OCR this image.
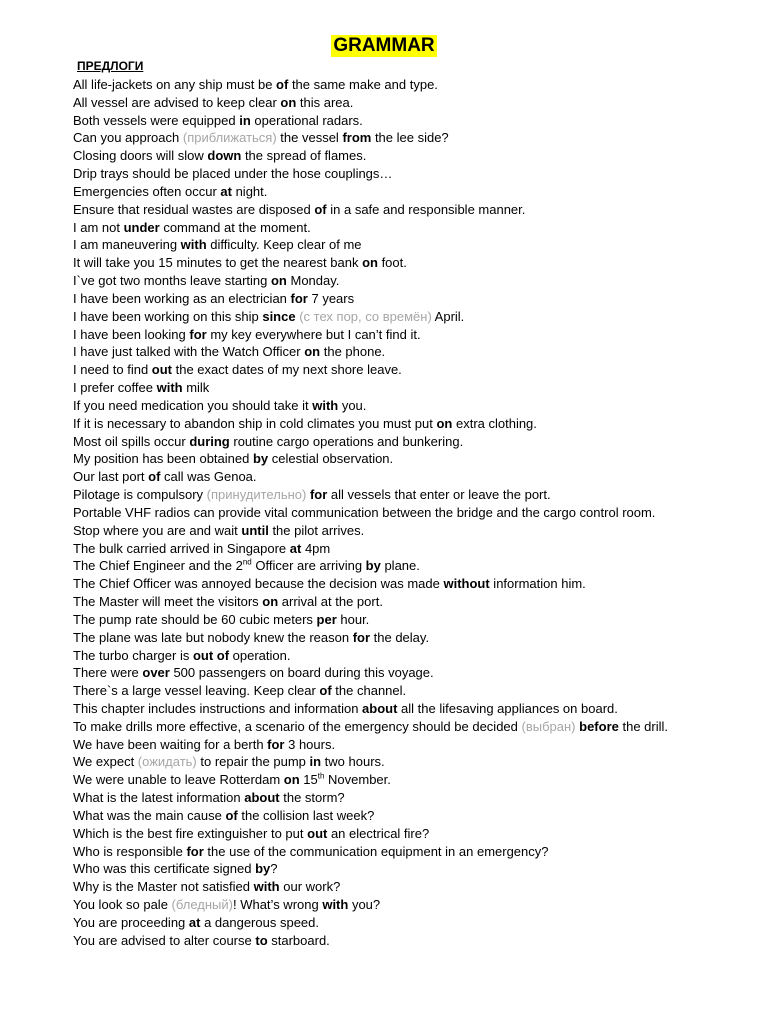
GRAMMAR
ПРЕДЛОГИ
All life-jackets on any ship must be of the same make and type.
All vessel are advised to keep clear on this area.
Both vessels were equipped in operational radars.
Can you approach (приближаться) the vessel from the lee side?
Closing doors will slow down the spread of flames.
Drip trays should be placed under the hose couplings…
Emergencies often occur at night.
Ensure that residual wastes are disposed of in a safe and responsible manner.
I am not under command at the moment.
I am maneuvering with difficulty. Keep clear of me
It will take you 15 minutes to get the nearest bank on foot.
I`ve got two months leave starting on Monday.
I have been working as an electrician for 7 years
I have been working on this ship since (с тех пор, со времён) April.
I have been looking for my key everywhere but I can’t find it.
I have just talked with the Watch Officer on the phone.
I need to find out the exact dates of my next shore leave.
I prefer coffee with milk
If you need medication you should take it with you.
If it is necessary to abandon ship in cold climates you must put on extra clothing.
Most oil spills occur during routine cargo operations and bunkering.
My position has been obtained by celestial observation.
Our last port of call was Genoa.
Pilotage is compulsory (принудительно) for all vessels that enter or leave the port.
Portable VHF radios can provide vital communication between the bridge and the cargo control room.
Stop where you are and wait until the pilot arrives.
The bulk carried arrived in Singapore at 4pm
The Chief Engineer and the 2nd Officer are arriving by plane.
The Chief Officer was annoyed because the decision was made without information him.
The Master will meet the visitors on arrival at the port.
The pump rate should be 60 cubic meters per hour.
The plane was late but nobody knew the reason for the delay.
The turbo charger is out of operation.
There were over 500 passengers on board during this voyage.
There`s a large vessel leaving. Keep clear of the channel.
This chapter includes instructions and information about all the lifesaving appliances on board.
To make drills more effective, a scenario of the emergency should be decided (выбран) before the drill.
We have been waiting for a berth for 3 hours.
We expect (ожидать) to repair the pump in two hours.
We were unable to leave Rotterdam on 15th November.
What is the latest information about the storm?
What was the main cause of the collision last week?
Which is the best fire extinguisher to put out an electrical fire?
Who is responsible for the use of the communication equipment in an emergency?
Who was this certificate signed by?
Why is the Master not satisfied with our work?
You look so pale (бледный)! What’s wrong with you?
You are proceeding at a dangerous speed.
You are advised to alter course to starboard.
